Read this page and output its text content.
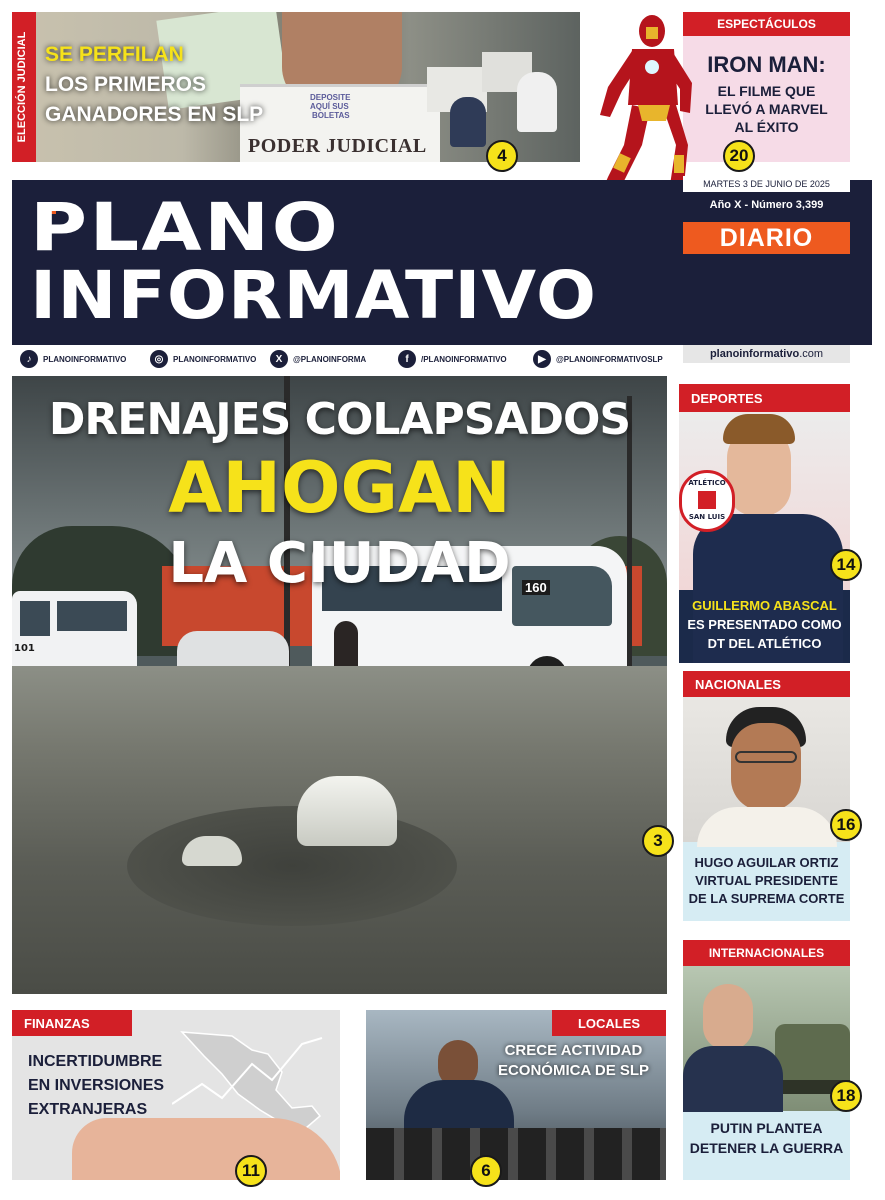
DEPOSITE
AQUÍ SUS
BOLETAS
PODER JUDICIAL
ELECCIÓN JUDICIAL SE PERFILAN
LOS PRIMEROS
GANADORES EN SLP
4
ESPECTÁCULOS
IRON MAN:
EL FILME QUE
LLEVÓ A MARVEL
AL ÉXITO
20
MARTES 3 DE JUNIO DE 2025
Año X - Número 3,399
DIARIO
PLANO
INFORMATIVO
♪	PLANOINFORMATIVO	◎	PLANOINFORMATIVO	X	@PLANOINFORMA	f	/PLANOINFORMATIVO	▶	@PLANOINFORMATIVOSLP	planoinformativo .com
101
160
DRENAJES COLAPSADOS
AHOGAN
LA CIUDAD
3
ATLÉTICO
SAN LUIS
DEPORTES
GUILLERMO ABASCAL
ES PRESENTADO COMO
DT DEL ATLÉTICO
14
NACIONALES
HUGO AGUILAR ORTIZ
VIRTUAL PRESIDENTE
DE LA SUPREMA CORTE
16
INTERNACIONALES
PUTIN PLANTEA
DETENER LA GUERRA
18
FINANZAS
INCERTIDUMBRE
EN INVERSIONES
EXTRANJERAS
11
LOCALES
CRECE ACTIVIDAD
ECONÓMICA DE SLP
6
